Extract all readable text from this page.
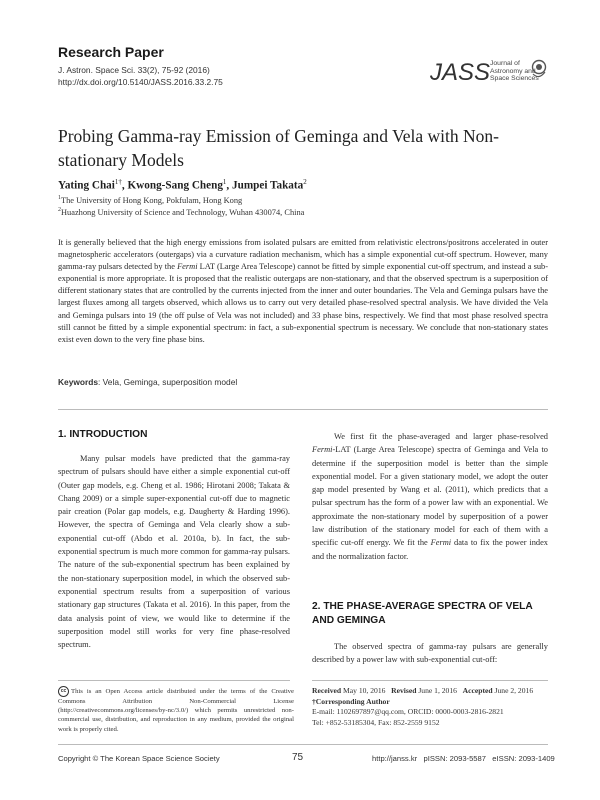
Research Paper
J. Astron. Space Sci. 33(2), 75-92 (2016)
http://dx.doi.org/10.5140/JASS.2016.33.2.75	JASS Journal of
Astronomy and
Space Sciences
Probing Gamma-ray Emission of Geminga and Vela with Non-stationary Models
Yating Chai$^{1\dagger}$, Kwong-Sang Cheng$^1$, Jumpei Takata$^2$
$^1$The University of Hong Kong, Pokfulam, Hong Kong
$^2$Huazhong University of Science and Technology, Wuhan 430074, China
It is generally believed that the high energy emissions from isolated pulsars are emitted from relativistic electrons/positrons accelerated in outer magnetospheric accelerators (outergaps) via a curvature radiation mechanism, which has a simple exponential cut-off spectrum. However, many gamma-ray pulsars detected by the Fermi LAT (Large Area Telescope) cannot be fitted by simple exponential cut-off spectrum, and instead a sub-exponential is more appropriate. It is proposed that the realistic outergaps are non-stationary, and that the observed spectrum is a superposition of different stationary states that are controlled by the currents injected from the inner and outer boundaries. The Vela and Geminga pulsars have the largest fluxes among all targets observed, which allows us to carry out very detailed phase-resolved spectral analysis. We have divided the Vela and Geminga pulsars into 19 (the off pulse of Vela was not included) and 33 phase bins, respectively. We find that most phase resolved spectra still cannot be fitted by a simple exponential spectrum: in fact, a sub-exponential spectrum is necessary. We conclude that non-stationary states exist even down to the very fine phase bins.
Keywords: Vela, Geminga, superposition model
1. INTRODUCTION
Many pulsar models have predicted that the gamma-ray spectrum of pulsars should have either a simple exponential cut-off (Outer gap models, e.g. Cheng et al. 1986; Hirotani 2008; Takata & Chang 2009) or a simple super-exponential cut-off due to magnetic pair creation (Polar gap models, e.g. Daugherty & Harding 1996). However, the spectra of Geminga and Vela clearly show a sub-exponential cut-off (Abdo et al. 2010a, b). In fact, the sub-exponential spectrum is much more common for gamma-ray pulsars. The nature of the sub-exponential spectrum has been explained by the non-stationary superposition model, in which the observed sub-exponential spectrum results from a superposition of various stationary gap structures (Takata et al. 2016). In this paper, from the data analysis point of view, we would like to determine if the superposition model still works for very fine phase-resolved spectrum.
We first fit the phase-averaged and larger phase-resolved Fermi-LAT (Large Area Telescope) spectra of Geminga and Vela to determine if the superposition model is better than the simple exponential model. For a given stationary model, we adopt the outer gap model presented by Wang et al. (2011), which predicts that a pulsar spectrum has the form of a power law with an exponential. We approximate the non-stationary model by superposition of a power law distribution of the stationary model for each of them with a specific cut-off energy. We fit the Fermi data to fix the power index and the normalization factor.
2. THE PHASE-AVERAGE SPECTRA OF VELA AND GEMINGA
The observed spectra of gamma-ray pulsars are generally described by a power law with sub-exponential cut-off:
cc This is an Open Access article distributed under the terms of the Creative Commons Attribution Non-Commercial License (http://creativecommons.org/licenses/by-nc/3.0/) which permits unrestricted non-commercial use, distribution, and reproduction in any medium, provided the original work is properly cited.
Received May 10, 2016 Revised June 1, 2016 Accepted June 2, 2016
†Corresponding Author
E-mail: 1102697897@qq.com, ORCID: 0000-0003-2816-2821
Tel: +852-53185304, Fax: 852-2559 9152
Copyright © The Korean Space Science Society	75	http://janss.kr   pISSN: 2093-5587   eISSN: 2093-1409
